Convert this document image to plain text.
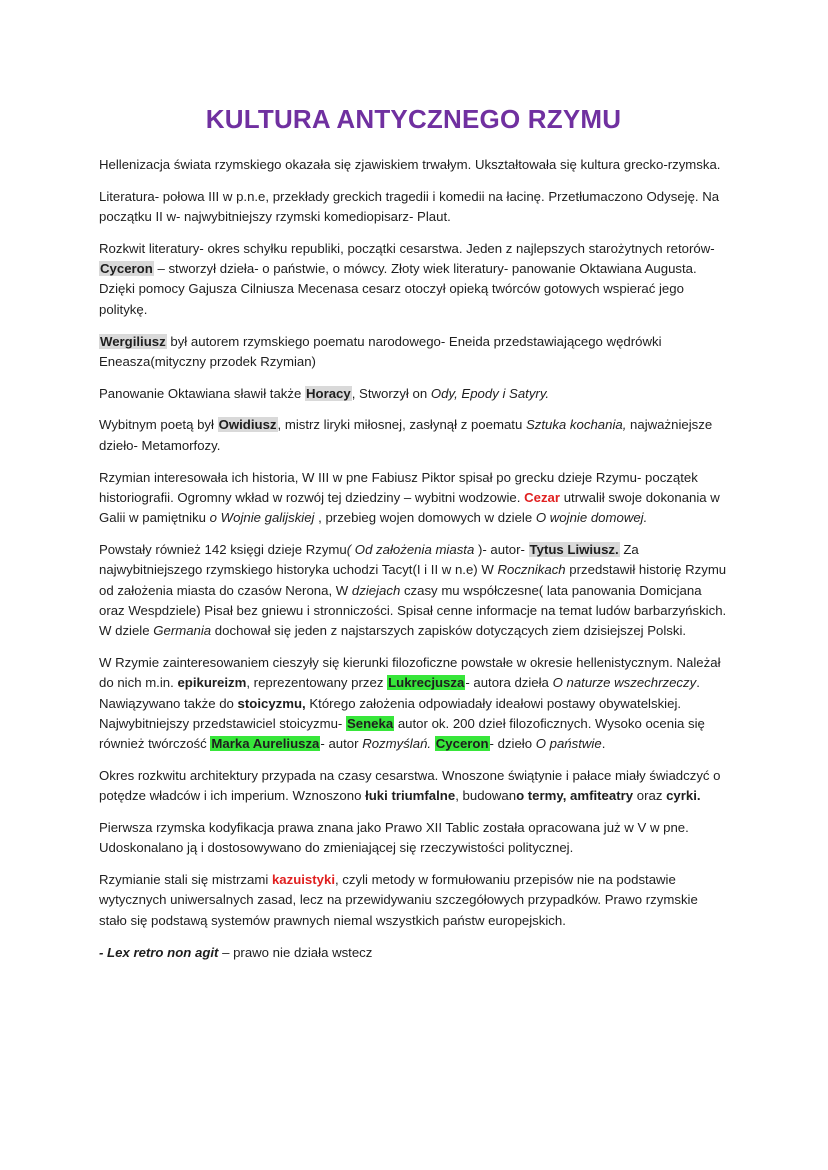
KULTURA ANTYCZNEGO RZYMU

Hellenizacja świata rzymskiego okazała się zjawiskiem trwałym. Ukształtowała się kultura grecko-rzymska.

Literatura- połowa III w p.n.e, przekłady greckich tragedii i komedii na łacinę. Przetłumaczono Odyseję. Na początku II w- najwybitniejszy rzymski komediopisarz- Plaut.

Rozkwit literatury- okres schyłku republiki, początki cesarstwa. Jeden z najlepszych starożytnych retorów- Cyceron – stworzył dzieła- o państwie, o mówcy. Złoty wiek literatury- panowanie Oktawiana Augusta. Dzięki pomocy Gajusza Cilniusza Mecenasa cesarz otoczył opieką twórców gotowych wspierać jego politykę.

Wergiliusz był autorem rzymskiego poematu narodowego- Eneida przedstawiającego wędrówki Eneasza(mityczny przodek Rzymian)

Panowanie Oktawiana sławił także Horacy, Stworzył on Ody, Epody i Satyry.

Wybitnym poetą był Owidiusz, mistrz liryki miłosnej, zasłynął z poematu Sztuka kochania, najważniejsze dzieło- Metamorfozy.

Rzymian interesowała ich historia, W III w pne Fabiusz Piktor spisał po grecku dzieje Rzymu- początek historiografii. Ogromny wkład w rozwój tej dziedziny – wybitni wodzowie. Cezar utrwalił swoje dokonania w Galii w pamiętniku o Wojnie galijskiej , przebieg wojen domowych w dziele O wojnie domowej.

Powstały również 142 księgi dzieje Rzymu( Od założenia miasta )- autor- Tytus Liwiusz. Za najwybitniejszego rzymskiego historyka uchodzi Tacyt(I i II w n.e) W Rocznikach przedstawił historię Rzymu od założenia miasta do czasów Nerona, W dziejach czasy mu współczesne( lata panowania Domicjana oraz Wespdziele) Pisał bez gniewu i stronniczości. Spisał cenne informacje na temat ludów barbarzyńskich. W dziele Germania dochował się jeden z najstarszych zapisków dotyczących ziem dzisiejszej Polski.

W Rzymie zainteresowaniem cieszyły się kierunki filozoficzne powstałe w okresie hellenistycznym. Należał do nich m.in. epikureizm, reprezentowany przez Lukrecjusza- autora dzieła O naturze wszechrzeczy. Nawiązywano także do stoicyzmu, Którego założenia odpowiadały ideałowi postawy obywatelskiej. Najwybitniejszy przedstawiciel stoicyzmu- Seneka autor ok. 200 dzieł filozoficznych. Wysoko ocenia się również twórczość Marka Aureliusza- autor Rozmyślań. Cyceron- dzieło O państwie.

Okres rozkwitu architektury przypada na czasy cesarstwa. Wnoszone świątynie i pałace miały świadczyć o potędze władców i ich imperium. Wznoszono łuki triumfalne, budowano termy, amfiteatry oraz cyrki.

Pierwsza rzymska kodyfikacja prawa znana jako Prawo XII Tablic została opracowana już w V w pne. Udoskonalano ją i dostosowywano do zmieniającej się rzeczywistości politycznej.

Rzymianie stali się mistrzami kazuistyki, czyli metody w formułowaniu przepisów nie na podstawie wytycznych uniwersalnych zasad, lecz na przewidywaniu szczegółowych przypadków. Prawo rzymskie stało się podstawą systemów prawnych niemal wszystkich państw europejskich.

- Lex retro non agit – prawo nie działa wstecz
